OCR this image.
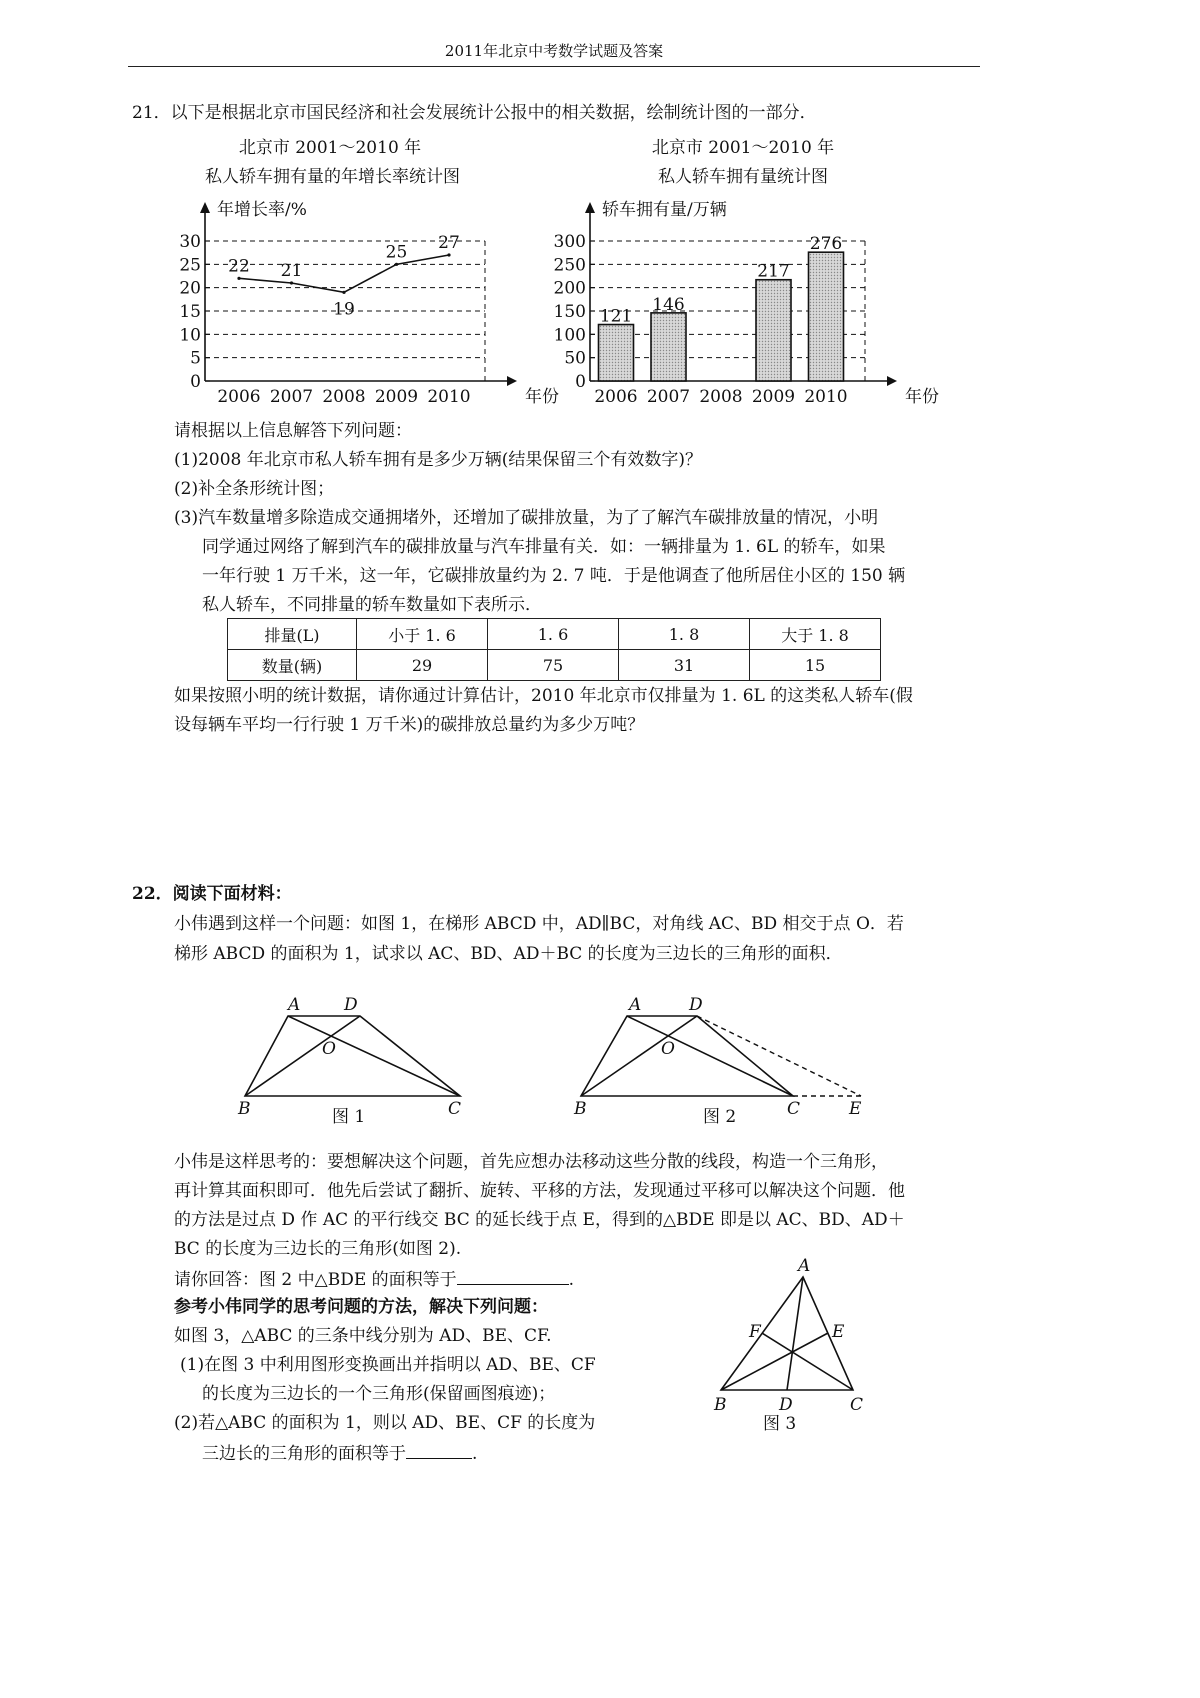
2011年北京中考数学试题及答案
21．以下是根据北京市国民经济和社会发展统计公报中的相关数据，绘制统计图的一部分．
北京市 2001～2010 年
私人轿车拥有量的年增长率统计图
北京市 2001～2010 年
私人轿车拥有量统计图
0
5
10
15
20
25
30
2006 2007 2008 2009 2010
年增长率/%
年份
22 21
19
25 27
0
50
100
150
200
250
300
2006 2007 2008 2009 2010
轿车拥有量/万辆
年份
121
146
217
276
请根据以上信息解答下列问题：
(1)2008 年北京市私人轿车拥有是多少万辆(结果保留三个有效数字)？
(2)补全条形统计图；
(3)汽车数量增多除造成交通拥堵外，还增加了碳排放量，为了了解汽车碳排放量的情况，小明
同学通过网络了解到汽车的碳排放量与汽车排量有关．如：一辆排量为 1. 6L 的轿车，如果
一年行驶 1 万千米，这一年，它碳排放量约为 2. 7 吨．于是他调查了他所居住小区的 150 辆
私人轿车，不同排量的轿车数量如下表所示．
排量(L)	小于 1. 6	1. 6	1. 8	大于 1. 8
数量(辆)	29	75	31	15
如果按照小明的统计数据，请你通过计算估计，2010 年北京市仅排量为 1. 6L 的这类私人轿车(假
设每辆车平均一行行驶 1 万千米)的碳排放总量约为多少万吨？
22．阅读下面材料：
小伟遇到这样一个问题：如图 1，在梯形 ABCD 中，AD∥BC，对角线 AC、BD 相交于点 O．若
梯形 ABCD 的面积为 1，试求以 AC、BD、AD＋BC 的长度为三边长的三角形的面积．
A	D
O
B	C
图 1
A	D
O
B	C	E
图 2
小伟是这样思考的：要想解决这个问题，首先应想办法移动这些分散的线段，构造一个三角形，
再计算其面积即可．他先后尝试了翻折、旋转、平移的方法，发现通过平移可以解决这个问题．他
的方法是过点 D 作 AC 的平行线交 BC 的延长线于点 E，得到的△BDE 即是以 AC、BD、AD＋
BC 的长度为三边长的三角形(如图 2).
请你回答：图 2 中△BDE 的面积等于	.
参考小伟同学的思考问题的方法，解决下列问题：
如图 3，△ABC 的三条中线分别为 AD、BE、CF.
(1)在图 3 中利用图形变换画出并指明以 AD、BE、CF
的长度为三边长的一个三角形(保留画图痕迹)；
(2)若△ABC 的面积为 1，则以 AD、BE、CF 的长度为
三边长的三角形的面积等于	.
A
F	E
B	D	C
图 3
